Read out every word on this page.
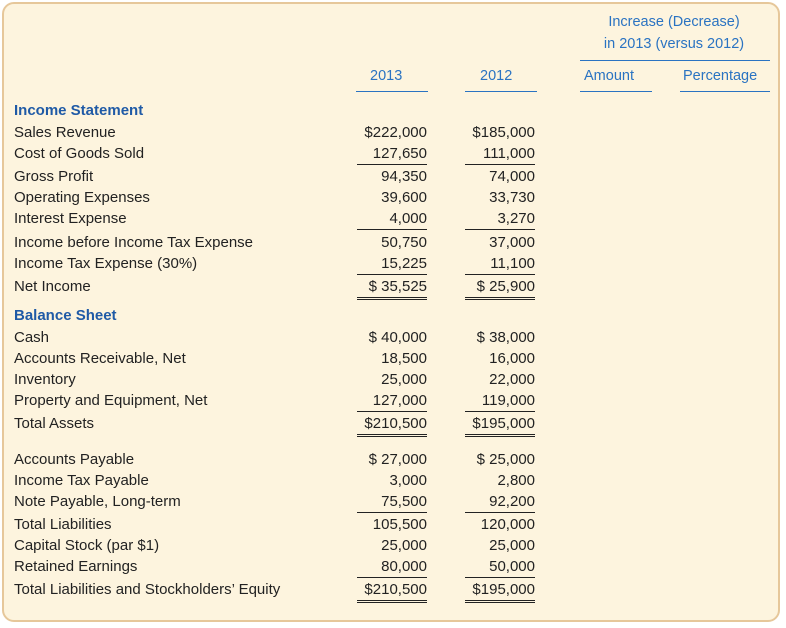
Increase (Decrease)
in 2013 (versus 2012)
2013	2012	Amount	Percentage
Income Statement
Sales Revenue	$222,000	$185,000
Cost of Goods Sold	127,650	111,000
Gross Profit	94,350	74,000
Operating Expenses	39,600	33,730
Interest Expense	4,000	3,270
Income before Income Tax Expense	50,750	37,000
Income Tax Expense (30%)	15,225	11,100
Net Income	$ 35,525	$ 25,900
Balance Sheet
Cash	$ 40,000	$ 38,000
Accounts Receivable, Net	18,500	16,000
Inventory	25,000	22,000
Property and Equipment, Net	127,000	119,000
Total Assets	$210,500	$195,000
Accounts Payable	$ 27,000	$ 25,000
Income Tax Payable	3,000	2,800
Note Payable, Long-term	75,500	92,200
Total Liabilities	105,500	120,000
Capital Stock (par $1)	25,000	25,000
Retained Earnings	80,000	50,000
Total Liabilities and Stockholders’ Equity	$210,500	$195,000
